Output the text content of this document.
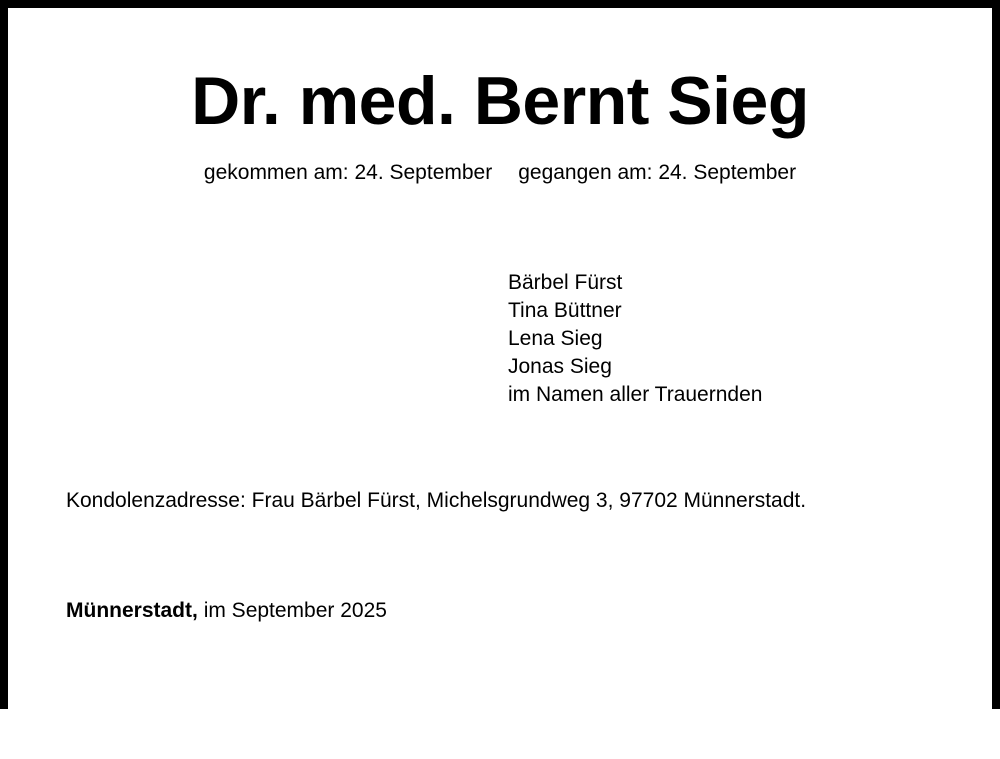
Dr. med. Bernt Sieg
gekommen am: 24. September gegangen am: 24. September
Bärbel Fürst
Tina Büttner
Lena Sieg
Jonas Sieg
im Namen aller Trauernden
Kondolenzadresse: Frau Bärbel Fürst, Michelsgrundweg 3, 97702 Münnerstadt.
Münnerstadt, im September 2025
